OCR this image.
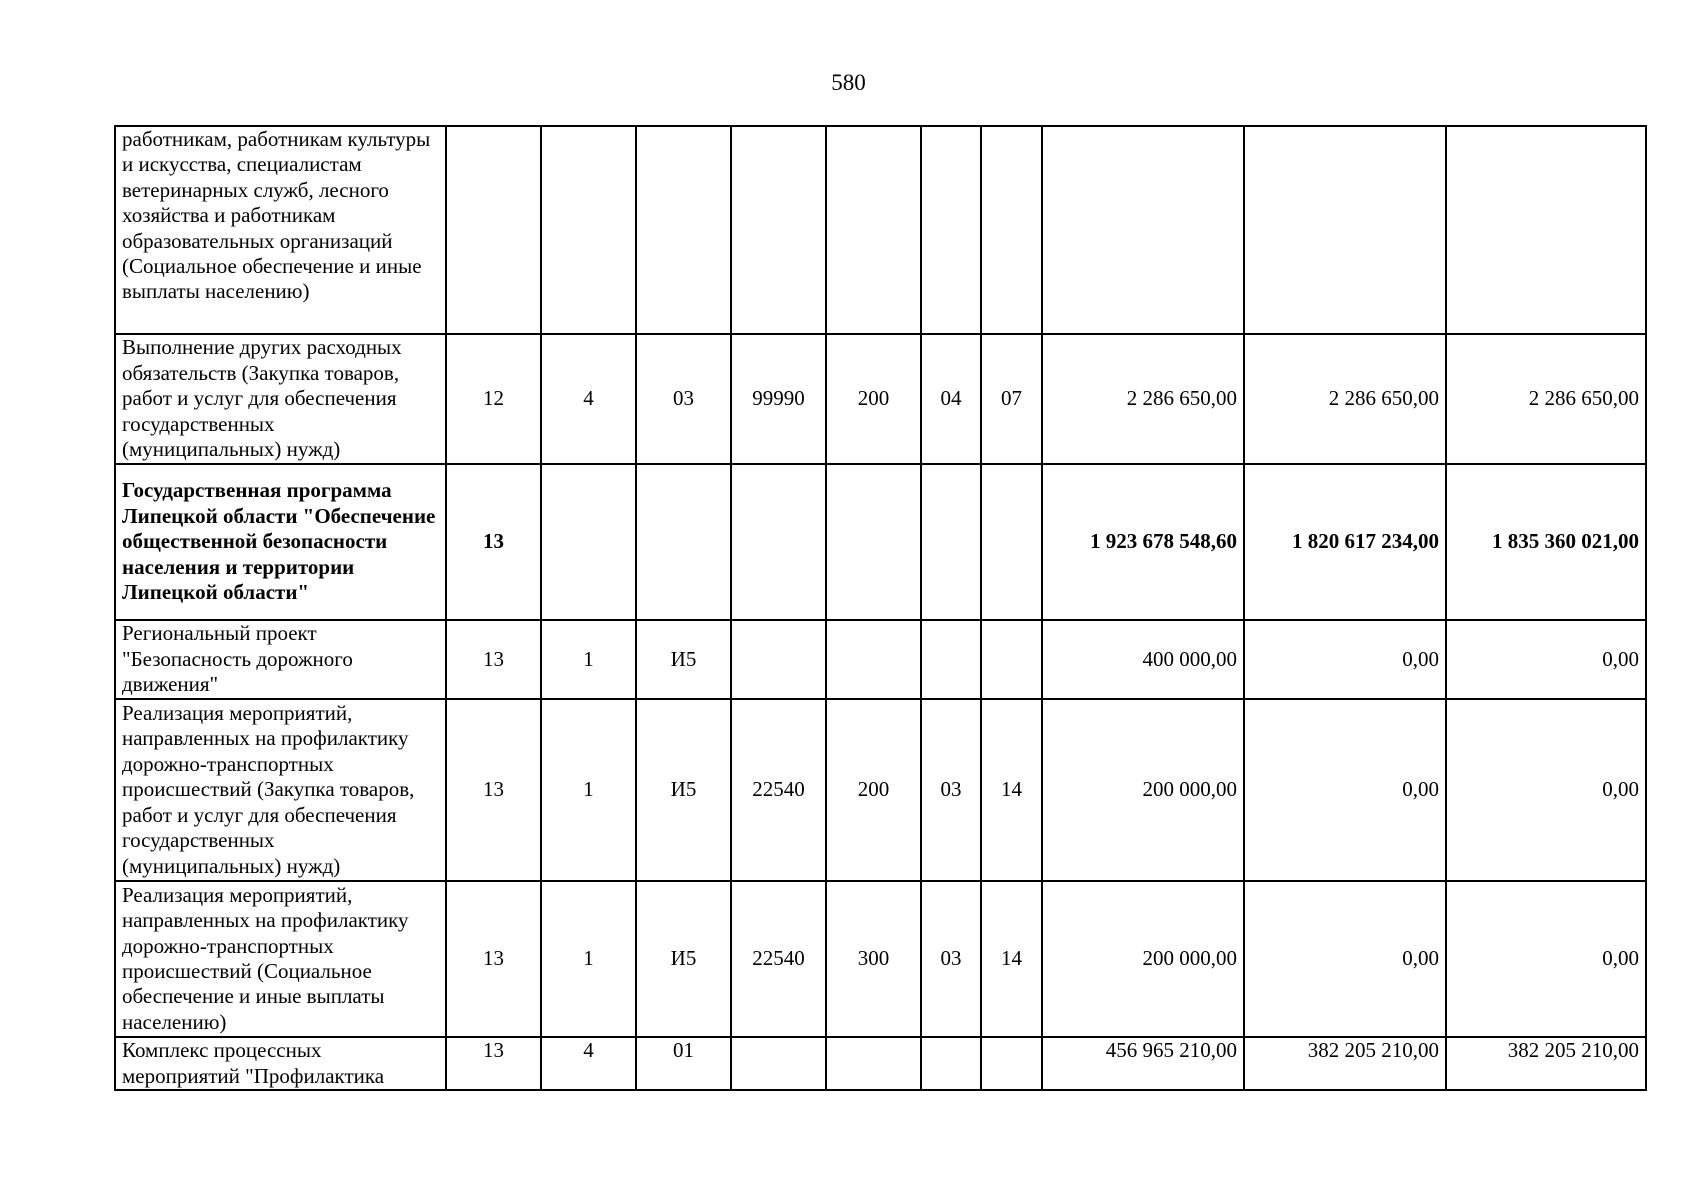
580
работникам, работникам культуры и искусства, специалистам ветеринарных служб, лесного хозяйства и работникам образовательных организаций (Социальное обеспечение и иные выплаты населению)										
Выполнение других расходных обязательств (Закупка товаров, работ и услуг для обеспечения государственных (муниципальных) нужд)	12	4	03	99990	200	04	07	2 286 650,00	2 286 650,00	2 286 650,00
Государственная программа Липецкой области "Обеспечение общественной безопасности населения и территории Липецкой области"	13							1 923 678 548,60	1 820 617 234,00	1 835 360 021,00
Региональный проект "Безопасность дорожного движения"	13	1	И5					400 000,00	0,00	0,00
Реализация мероприятий, направленных на профилактику дорожно-транспортных происшествий (Закупка товаров, работ и услуг для обеспечения государственных (муниципальных) нужд)	13	1	И5	22540	200	03	14	200 000,00	0,00	0,00
Реализация мероприятий, направленных на профилактику дорожно-транспортных происшествий (Социальное обеспечение и иные выплаты населению)	13	1	И5	22540	300	03	14	200 000,00	0,00	0,00
Комплекс процессных мероприятий "Профилактика	13	4	01					456 965 210,00	382 205 210,00	382 205 210,00
